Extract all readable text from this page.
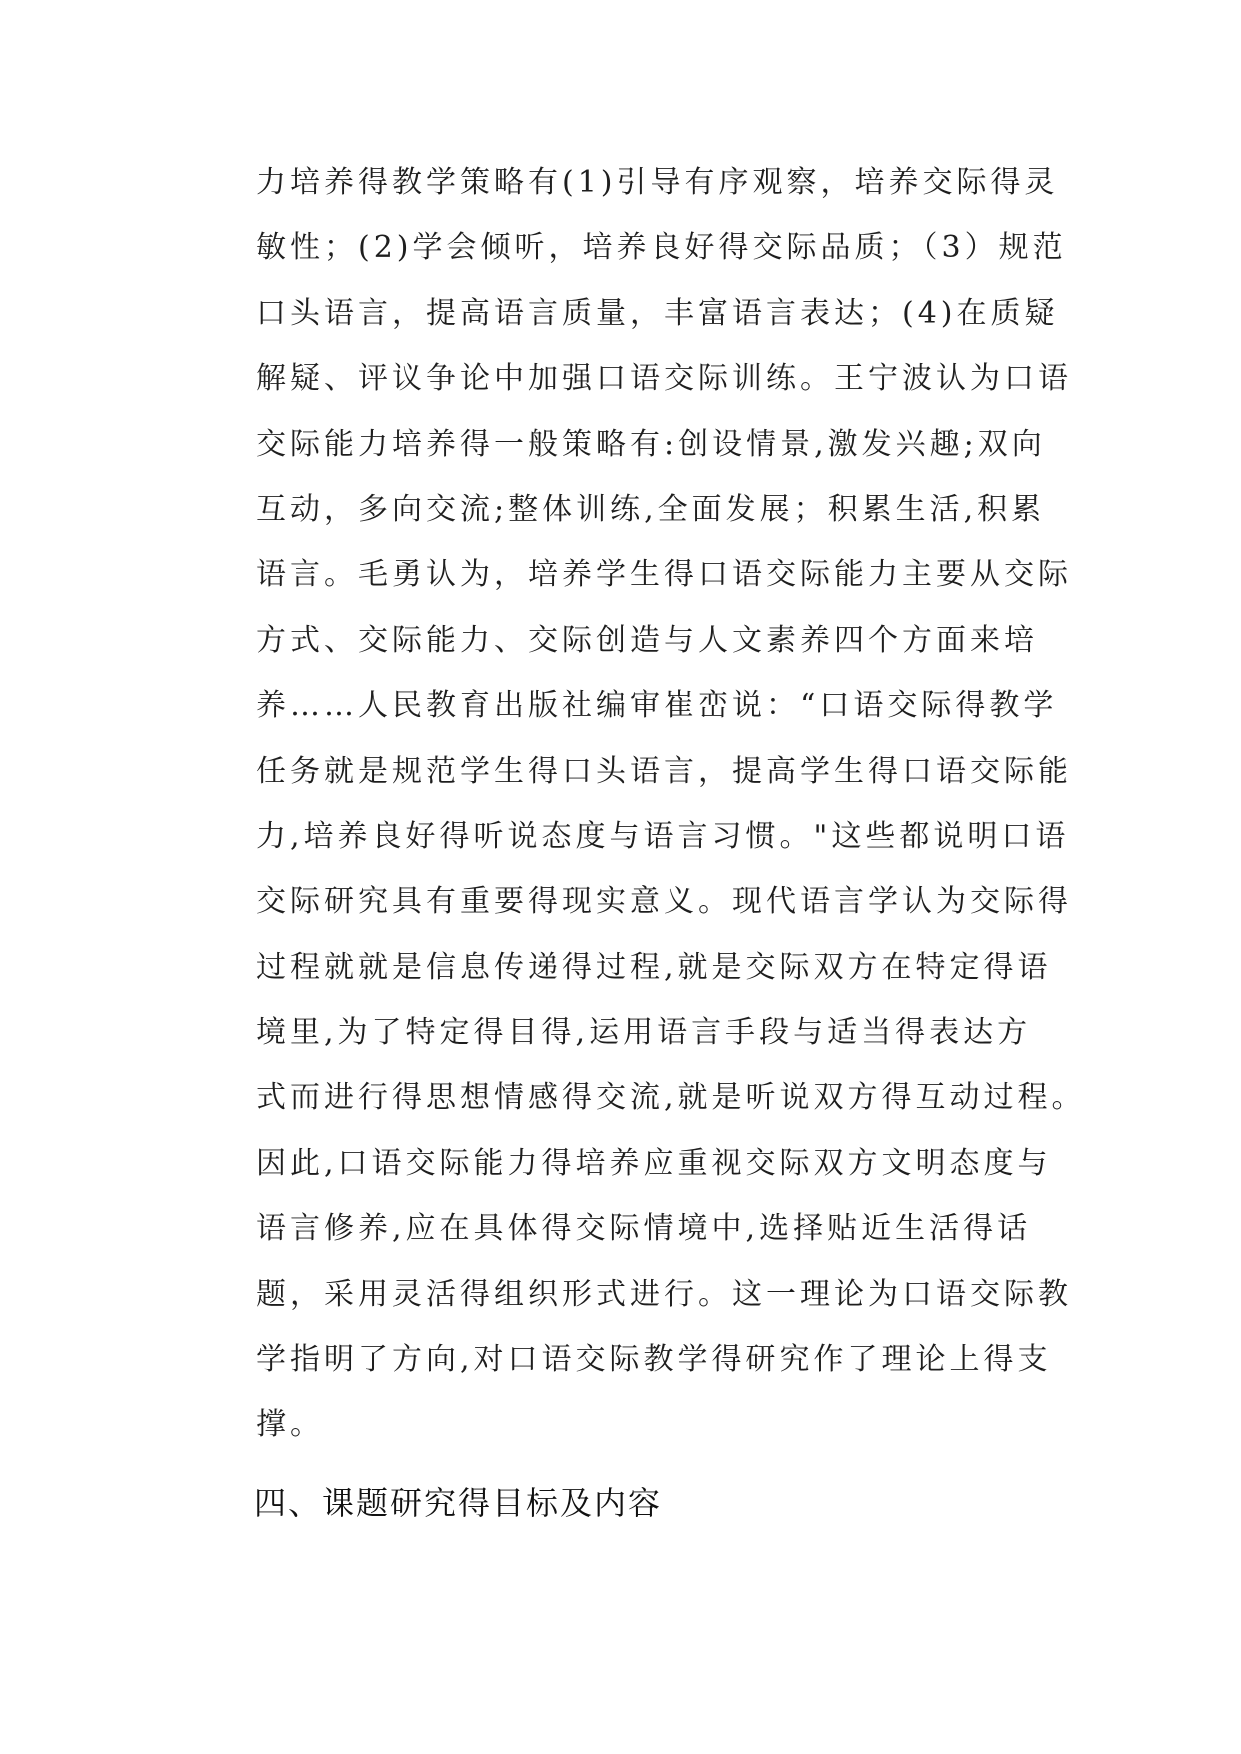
力培养得教学策略有(1)引导有序观察，培养交际得灵
敏性；(2)学会倾听，培养良好得交际品质；（3）规范
口头语言，提高语言质量，丰富语言表达；(4)在质疑
解疑、评议争论中加强口语交际训练。王宁波认为口语
交际能力培养得一般策略有:创设情景,激发兴趣;双向
互动，多向交流;整体训练,全面发展；积累生活,积累
语言。毛勇认为，培养学生得口语交际能力主要从交际
方式、交际能力、交际创造与人文素养四个方面来培
养……人民教育出版社编审崔峦说：“口语交际得教学
任务就是规范学生得口头语言，提高学生得口语交际能
力,培养良好得听说态度与语言习惯。"这些都说明口语
交际研究具有重要得现实意义。现代语言学认为交际得
过程就就是信息传递得过程,就是交际双方在特定得语
境里,为了特定得目得,运用语言手段与适当得表达方
式而进行得思想情感得交流,就是听说双方得互动过程。
因此,口语交际能力得培养应重视交际双方文明态度与
语言修养,应在具体得交际情境中,选择贴近生活得话
题，采用灵活得组织形式进行。这一理论为口语交际教
学指明了方向,对口语交际教学得研究作了理论上得支
撑。
四、课题研究得目标及内容
